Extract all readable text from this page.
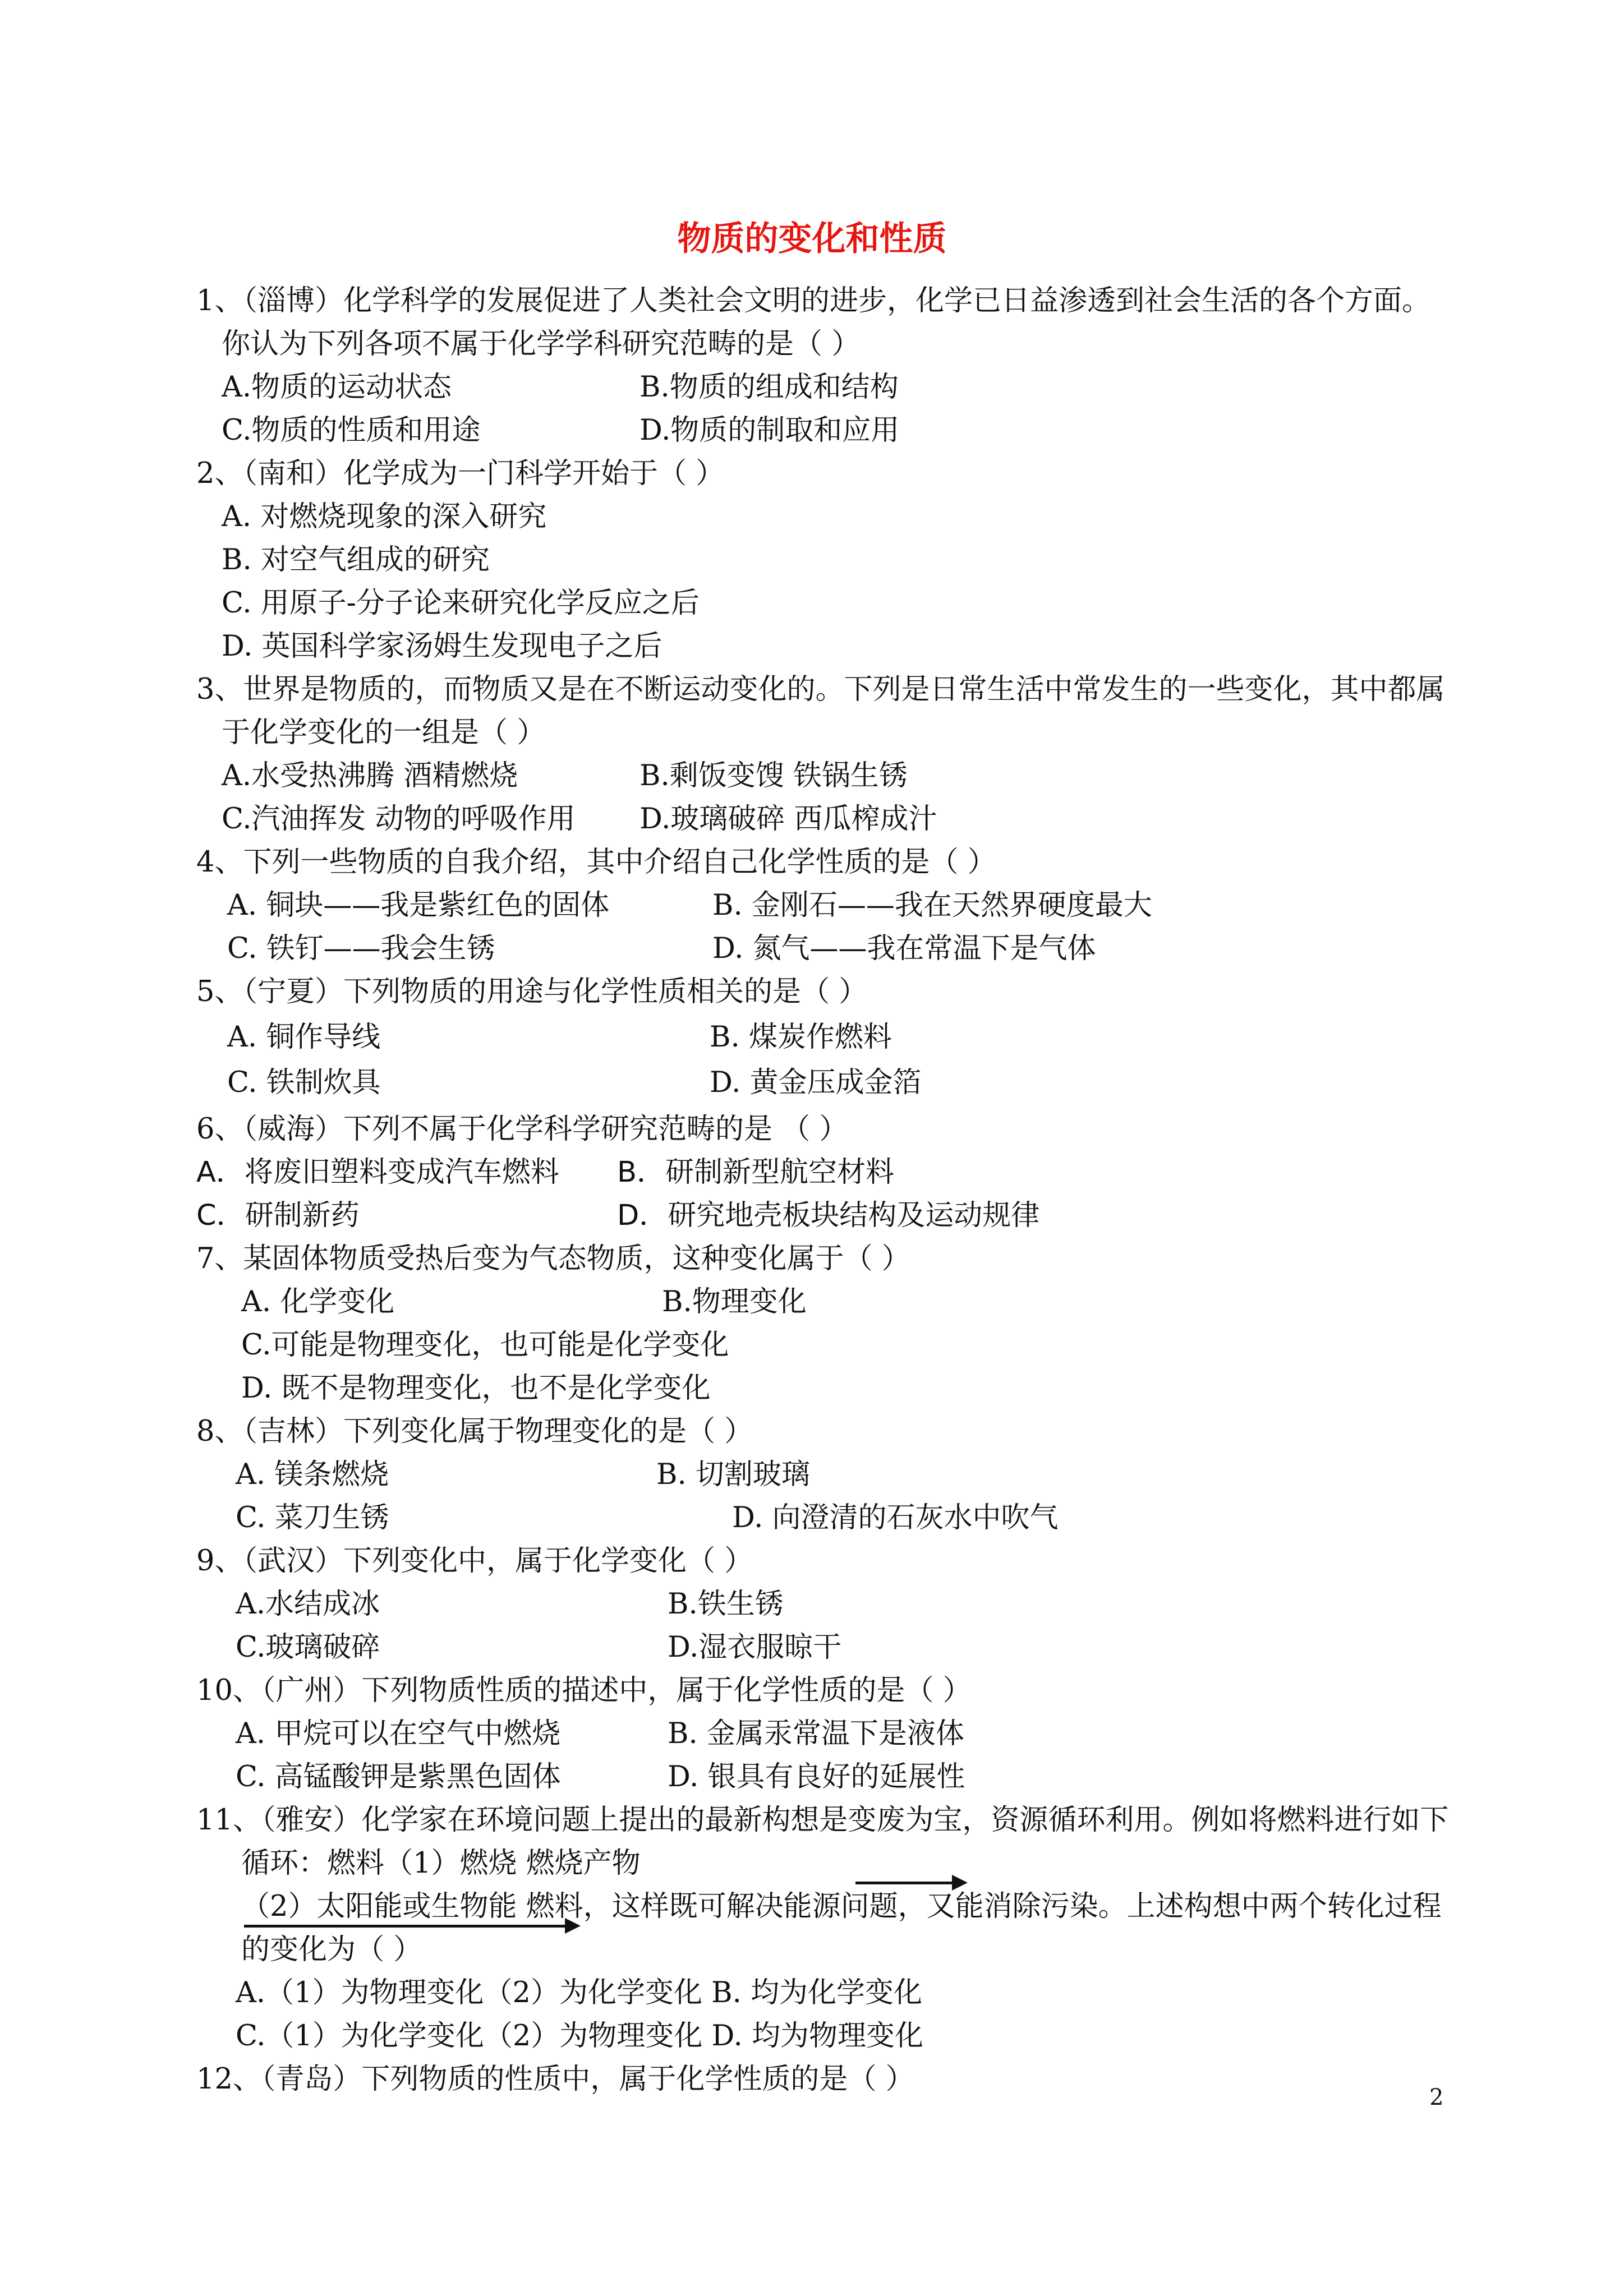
物质的变化和性质
1、（淄博）化学科学的发展促进了人类社会文明的进步，化学已日益渗透到社会生活的各个方面。
你认为下列各项不属于化学学科研究范畴的是（ ）
A.物质的运动状态	B.物质的组成和结构
C.物质的性质和用途	D.物质的制取和应用
2、（南和）化学成为一门科学开始于（ ）
A. 对燃烧现象的深入研究
B. 对空气组成的研究
C. 用原子-分子论来研究化学反应之后
D. 英国科学家汤姆生发现电子之后
3、世界是物质的，而物质又是在不断运动变化的。下列是日常生活中常发生的一些变化，其中都属
于化学变化的一组是（ ）
A.水受热沸腾 酒精燃烧	B.剩饭变馊 铁锅生锈
C.汽油挥发 动物的呼吸作用 D.玻璃破碎 西瓜榨成汁
4、下列一些物质的自我介绍，其中介绍自己化学性质的是（ ）
A. 铜块——我是紫红色的固体	B. 金刚石——我在天然界硬度最大
C. 铁钉——我会生锈	D. 氮气——我在常温下是气体
5、（宁夏）下列物质的用途与化学性质相关的是（ ）
A. 铜作导线	B. 煤炭作燃料
C. 铁制炊具	D. 黄金压成金箔
6、（威海）下列不属于化学科学研究范畴的是 （ ）
A．将废旧塑料变成汽车燃料 B．研制新型航空材料
C．研制新药	D．研究地壳板块结构及运动规律
7、某固体物质受热后变为气态物质，这种变化属于（ ）
A. 化学变化	B.物理变化
C.可能是物理变化，也可能是化学变化
D. 既不是物理变化，也不是化学变化
8、（吉林）下列变化属于物理变化的是（ ）
A. 镁条燃烧	B. 切割玻璃
C. 菜刀生锈	D. 向澄清的石灰水中吹气
9、（武汉）下列变化中，属于化学变化（ ）
A.水结成冰	B.铁生锈
C.玻璃破碎	D.湿衣服晾干
10、（广州）下列物质性质的描述中，属于化学性质的是（ ）
A. 甲烷可以在空气中燃烧	B. 金属汞常温下是液体
C. 高锰酸钾是紫黑色固体	D. 银具有良好的延展性
11、（雅安）化学家在环境问题上提出的最新构想是变废为宝，资源循环利用。例如将燃料进行如下
循环：燃料（1）燃烧 燃烧产物
（2）太阳能或生物能 燃料，这样既可解决能源问题，又能消除污染。上述构想中两个转化过程
的变化为（ ）
A.（1）为物理变化（2）为化学变化 B. 均为化学变化
C.（1）为化学变化（2）为物理变化 D. 均为物理变化
12、（青岛）下列物质的性质中，属于化学性质的是（ ）
2
